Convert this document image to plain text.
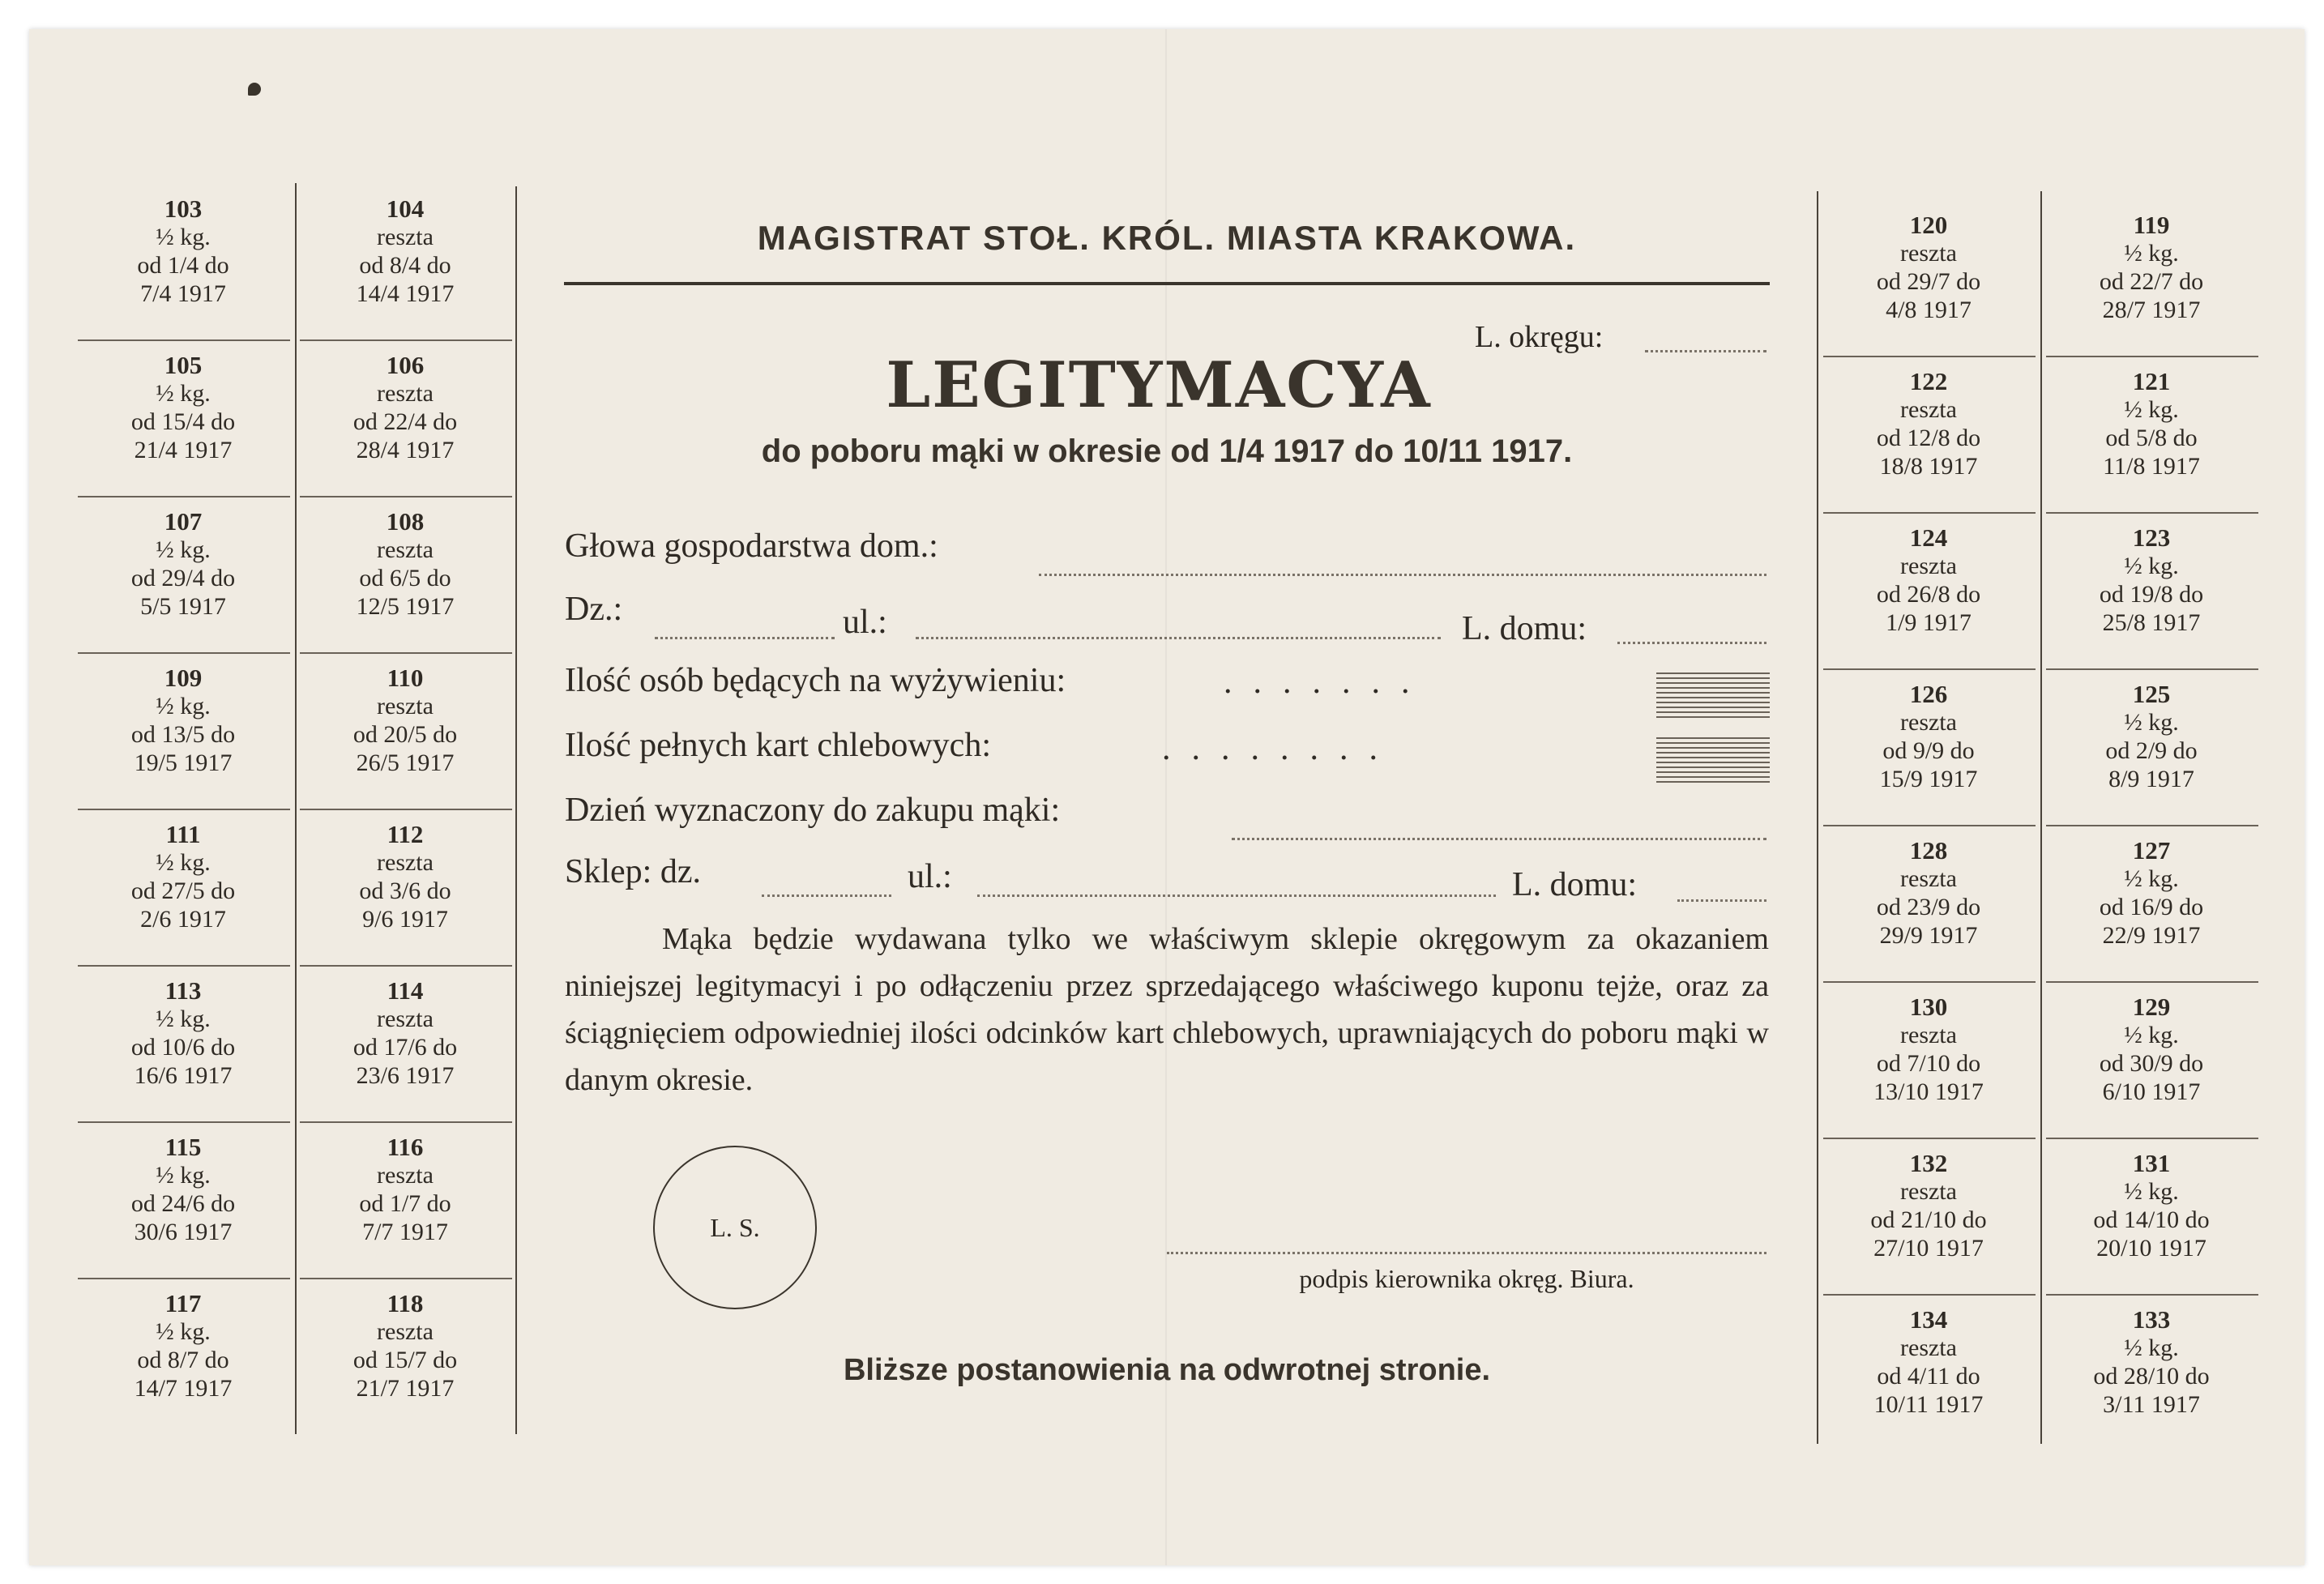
103
½ kg.
od 1/4 do
7/4 1917
104
reszta
od 8/4 do
14/4 1917
105
½ kg.
od 15/4 do
21/4 1917
106
reszta
od 22/4 do
28/4 1917
107
½ kg.
od 29/4 do
5/5 1917
108
reszta
od 6/5 do
12/5 1917
109
½ kg.
od 13/5 do
19/5 1917
110
reszta
od 20/5 do
26/5 1917
111
½ kg.
od 27/5 do
2/6 1917
112
reszta
od 3/6 do
9/6 1917
113
½ kg.
od 10/6 do
16/6 1917
114
reszta
od 17/6 do
23/6 1917
115
½ kg.
od 24/6 do
30/6 1917
116
reszta
od 1/7 do
7/7 1917
117
½ kg.
od 8/7 do
14/7 1917
118
reszta
od 15/7 do
21/7 1917
120
reszta
od 29/7 do
4/8 1917
119
½ kg.
od 22/7 do
28/7 1917
122
reszta
od 12/8 do
18/8 1917
121
½ kg.
od 5/8 do
11/8 1917
124
reszta
od 26/8 do
1/9 1917
123
½ kg.
od 19/8 do
25/8 1917
126
reszta
od 9/9 do
15/9 1917
125
½ kg.
od 2/9 do
8/9 1917
128
reszta
od 23/9 do
29/9 1917
127
½ kg.
od 16/9 do
22/9 1917
130
reszta
od 7/10 do
13/10 1917
129
½ kg.
od 30/9 do
6/10 1917
132
reszta
od 21/10 do
27/10 1917
131
½ kg.
od 14/10 do
20/10 1917
134
reszta
od 4/11 do
10/11 1917
133
½ kg.
od 28/10 do
3/11 1917
MAGISTRAT STOŁ. KRÓL. MIASTA KRAKOWA.
L. okręgu:
LEGITYMACYA
do poboru mąki w okresie od 1/4 1917 do 10/11 1917.
Głowa gospodarstwa dom.:
Dz.:	ul.:	L. domu:
Ilość osób będących na wyżywieniu:	.......
Ilość pełnych kart chlebowych:	........
Dzień wyznaczony do zakupu mąki:
Sklep: dz.	ul.:	L. domu:
Mąka będzie wydawana tylko we właściwym sklepie okręgowym za okazaniem niniejszej legitymacyi i po odłączeniu przez sprzedającego właściwego kuponu tejże, oraz za ściągnięciem odpowiedniej ilości odcinków kart chlebowych, uprawniających do poboru mąki w danym okresie.
L. S.
podpis kierownika okręg. Biura.
Bliższe postanowienia na odwrotnej stronie.
